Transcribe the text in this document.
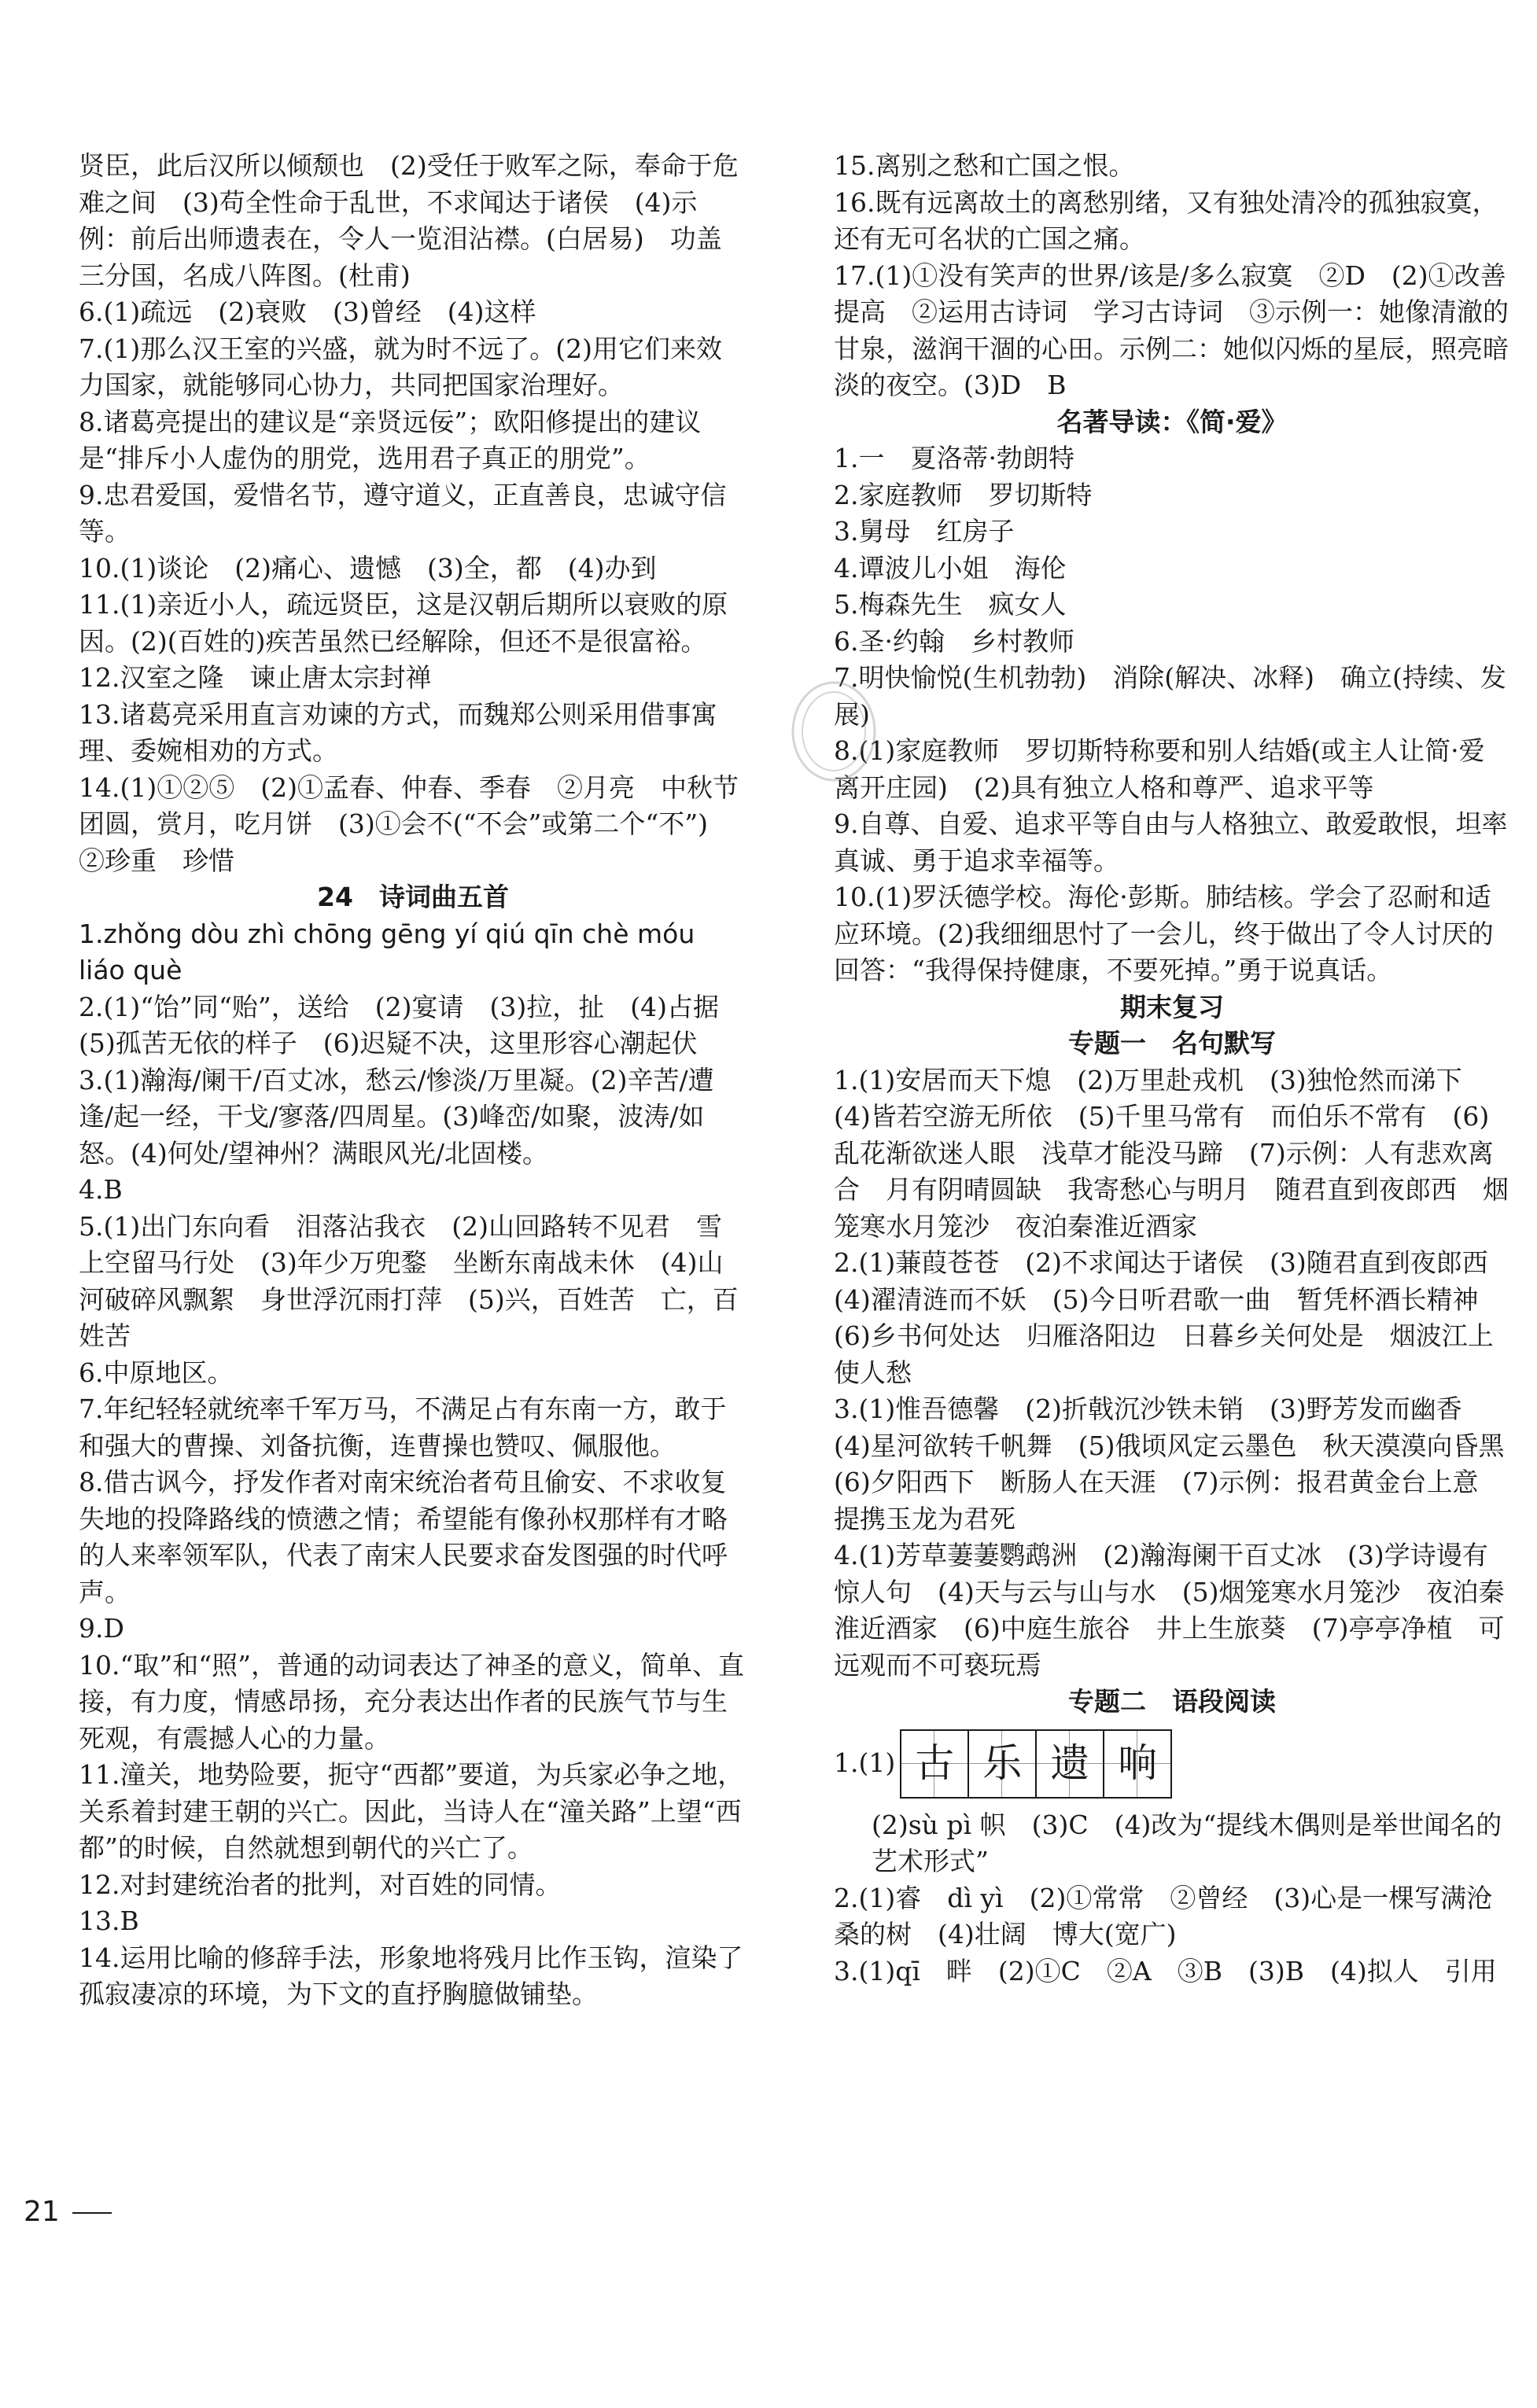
贤臣，此后汉所以倾颓也　(2)受任于败军之际，奉命于危难之间　(3)苟全性命于乱世，不求闻达于诸侯　(4)示例：前后出师遗表在，令人一览泪沾襟。(白居易)　功盖三分国，名成八阵图。(杜甫)
6.(1)疏远　(2)衰败　(3)曾经　(4)这样
7.(1)那么汉王室的兴盛，就为时不远了。(2)用它们来效力国家，就能够同心协力，共同把国家治理好。
8.诸葛亮提出的建议是“亲贤远佞”；欧阳修提出的建议是“排斥小人虚伪的朋党，选用君子真正的朋党”。
9.忠君爱国，爱惜名节，遵守道义，正直善良，忠诚守信等。
10.(1)谈论　(2)痛心、遗憾　(3)全，都　(4)办到
11.(1)亲近小人，疏远贤臣，这是汉朝后期所以衰败的原因。(2)(百姓的)疾苦虽然已经解除，但还不是很富裕。
12.汉室之隆　谏止唐太宗封禅
13.诸葛亮采用直言劝谏的方式，而魏郑公则采用借事寓理、委婉相劝的方式。
14.(1)①②⑤　(2)①孟春、仲春、季春　②月亮　中秋节　团圆，赏月，吃月饼　(3)①会不(“不会”或第二个“不”)　②珍重　珍惜
24　诗词曲五首
1.zhǒng dòu zhì chōng gēng yí qiú qīn chè móu liáo què
2.(1)“饴”同“贻”，送给　(2)宴请　(3)拉，扯　(4)占据　(5)孤苦无依的样子　(6)迟疑不决，这里形容心潮起伏
3.(1)瀚海/阑干/百丈冰，愁云/惨淡/万里凝。(2)辛苦/遭逢/起一经，干戈/寥落/四周星。(3)峰峦/如聚，波涛/如怒。(4)何处/望神州？满眼风光/北固楼。
4.B
5.(1)出门东向看　泪落沾我衣　(2)山回路转不见君　雪上空留马行处　(3)年少万兜鍪　坐断东南战未休　(4)山河破碎风飘絮　身世浮沉雨打萍　(5)兴，百姓苦　亡，百姓苦
6.中原地区。
7.年纪轻轻就统率千军万马，不满足占有东南一方，敢于和强大的曹操、刘备抗衡，连曹操也赞叹、佩服他。
8.借古讽今，抒发作者对南宋统治者苟且偷安、不求收复失地的投降路线的愤懑之情；希望能有像孙权那样有才略的人来率领军队，代表了南宋人民要求奋发图强的时代呼声。
9.D
10.“取”和“照”，普通的动词表达了神圣的意义，简单、直接，有力度，情感昂扬，充分表达出作者的民族气节与生死观，有震撼人心的力量。
11.潼关，地势险要，扼守“西都”要道，为兵家必争之地，关系着封建王朝的兴亡。因此，当诗人在“潼关路”上望“西都”的时候，自然就想到朝代的兴亡了。
12.对封建统治者的批判，对百姓的同情。
13.B
14.运用比喻的修辞手法，形象地将残月比作玉钩，渲染了孤寂凄凉的环境，为下文的直抒胸臆做铺垫。
15.离别之愁和亡国之恨。
16.既有远离故土的离愁别绪，又有独处清冷的孤独寂寞，还有无可名状的亡国之痛。
17.(1)①没有笑声的世界/该是/多么寂寞　②D　(2)①改善　提高　②运用古诗词　学习古诗词　③示例一：她像清澈的甘泉，滋润干涸的心田。示例二：她似闪烁的星辰，照亮暗淡的夜空。(3)D　B
名著导读：《简·爱》
1.一　夏洛蒂·勃朗特
2.家庭教师　罗切斯特
3.舅母　红房子
4.谭波儿小姐　海伦
5.梅森先生　疯女人
6.圣·约翰　乡村教师
7.明快愉悦(生机勃勃)　消除(解决、冰释)　确立(持续、发展)
8.(1)家庭教师　罗切斯特称要和别人结婚(或主人让简·爱离开庄园)　(2)具有独立人格和尊严、追求平等
9.自尊、自爱、追求平等自由与人格独立、敢爱敢恨，坦率真诚、勇于追求幸福等。
10.(1)罗沃德学校。海伦·彭斯。肺结核。学会了忍耐和适应环境。(2)我细细思忖了一会儿，终于做出了令人讨厌的回答：“我得保持健康，不要死掉。”勇于说真话。
期末复习
专题一　名句默写
1.(1)安居而天下熄　(2)万里赴戎机　(3)独怆然而涕下　(4)皆若空游无所依　(5)千里马常有　而伯乐不常有　(6)乱花渐欲迷人眼　浅草才能没马蹄　(7)示例：人有悲欢离合　月有阴晴圆缺　我寄愁心与明月　随君直到夜郎西　烟笼寒水月笼沙　夜泊秦淮近酒家
2.(1)蒹葭苍苍　(2)不求闻达于诸侯　(3)随君直到夜郎西　(4)濯清涟而不妖　(5)今日听君歌一曲　暂凭杯酒长精神　(6)乡书何处达　归雁洛阳边　日暮乡关何处是　烟波江上使人愁
3.(1)惟吾德馨　(2)折戟沉沙铁未销　(3)野芳发而幽香　(4)星河欲转千帆舞　(5)俄顷风定云墨色　秋天漠漠向昏黑　(6)夕阳西下　断肠人在天涯　(7)示例：报君黄金台上意　提携玉龙为君死
4.(1)芳草萋萋鹦鹉洲　(2)瀚海阑干百丈冰　(3)学诗谩有惊人句　(4)天与云与山与水　(5)烟笼寒水月笼沙　夜泊秦淮近酒家　(6)中庭生旅谷　井上生旅葵　(7)亭亭净植　可远观而不可亵玩焉
专题二　语段阅读
1.(1) 古 乐 遗 响
(2)sù pì 帜　(3)C　(4)改为“提线木偶则是举世闻名的艺术形式”
2.(1)睿　dì yì　(2)①常常　②曾经　(3)心是一棵写满沧桑的树　(4)壮阔　博大(宽广)
3.(1)qī　畔　(2)①C　②A　③B　(3)B　(4)拟人　引用
21
